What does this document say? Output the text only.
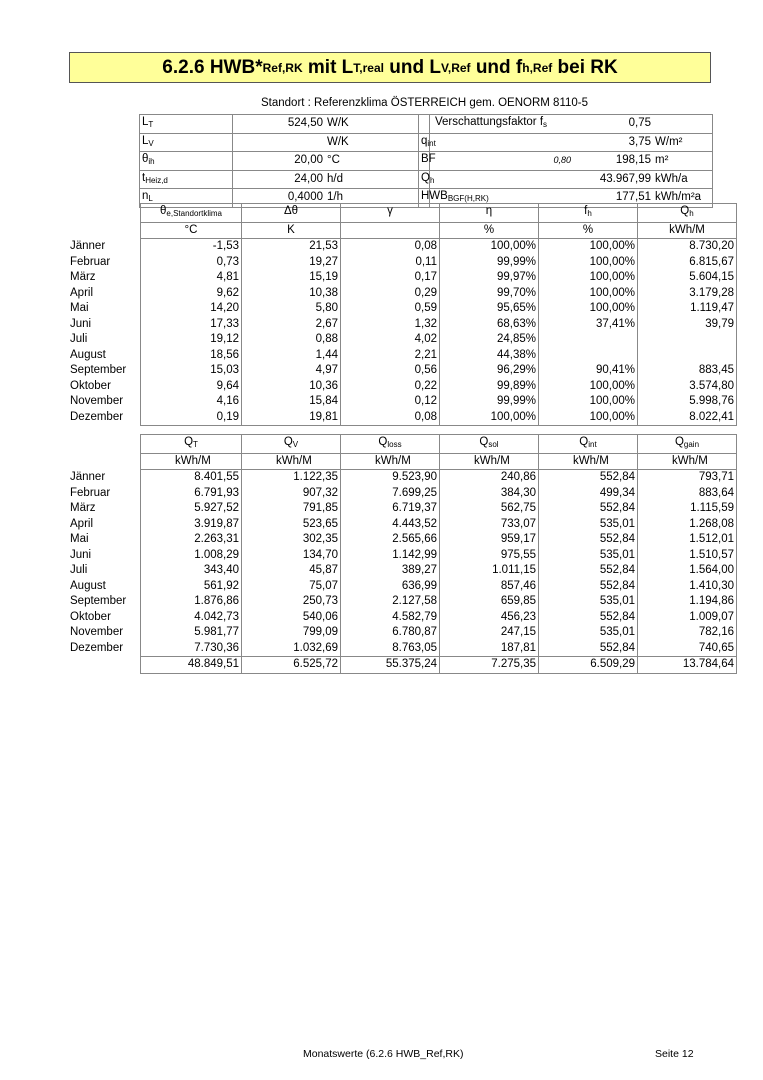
6.2.6 HWB* Ref,RK mit L T,real und L V,Ref und f h,Ref bei RK
Standort : Referenzklima ÖSTERREICH gem. OENORM 8110-5
$L_T$	524,50	W/K
$L_V$		W/K
$\theta_{ih}$	20,00	°C
$t_{Heiz,d}$	24,00	h/d
$n_L$	0,4000	1/h
Verschattungsfaktor $f_s$		0,75	
$q_{int}$		3,75	W/m²
BF	0,80	198,15	m²
$Q_h$		43.967,99	kWh/a
$HWB_{BGF(H,RK)}$		177,51	kWh/m²a
	$\theta_{e,Standortklima}$	Δθ	γ	η	$f_h$	$Q_h$
	°C	K		%	%	kWh/M
Jänner	-1,53	21,53	0,08	100,00%	100,00%	8.730,20
Februar	0,73	19,27	0,11	99,99%	100,00%	6.815,67
März	4,81	15,19	0,17	99,97%	100,00%	5.604,15
April	9,62	10,38	0,29	99,70%	100,00%	3.179,28
Mai	14,20	5,80	0,59	95,65%	100,00%	1.119,47
Juni	17,33	2,67	1,32	68,63%	37,41%	39,79
Juli	19,12	0,88	4,02	24,85%		
August	18,56	1,44	2,21	44,38%		
September	15,03	4,97	0,56	96,29%	90,41%	883,45
Oktober	9,64	10,36	0,22	99,89%	100,00%	3.574,80
November	4,16	15,84	0,12	99,99%	100,00%	5.998,76
Dezember	0,19	19,81	0,08	100,00%	100,00%	8.022,41
	$Q_T$	$Q_V$	$Q_{loss}$	$Q_{sol}$	$Q_{int}$	$Q_{gain}$
	kWh/M	kWh/M	kWh/M	kWh/M	kWh/M	kWh/M
Jänner	8.401,55	1.122,35	9.523,90	240,86	552,84	793,71
Februar	6.791,93	907,32	7.699,25	384,30	499,34	883,64
März	5.927,52	791,85	6.719,37	562,75	552,84	1.115,59
April	3.919,87	523,65	4.443,52	733,07	535,01	1.268,08
Mai	2.263,31	302,35	2.565,66	959,17	552,84	1.512,01
Juni	1.008,29	134,70	1.142,99	975,55	535,01	1.510,57
Juli	343,40	45,87	389,27	1.011,15	552,84	1.564,00
August	561,92	75,07	636,99	857,46	552,84	1.410,30
September	1.876,86	250,73	2.127,58	659,85	535,01	1.194,86
Oktober	4.042,73	540,06	4.582,79	456,23	552,84	1.009,07
November	5.981,77	799,09	6.780,87	247,15	535,01	782,16
Dezember	7.730,36	1.032,69	8.763,05	187,81	552,84	740,65
	48.849,51	6.525,72	55.375,24	7.275,35	6.509,29	13.784,64
Monatswerte (6.2.6 HWB_Ref,RK)	Seite 12
